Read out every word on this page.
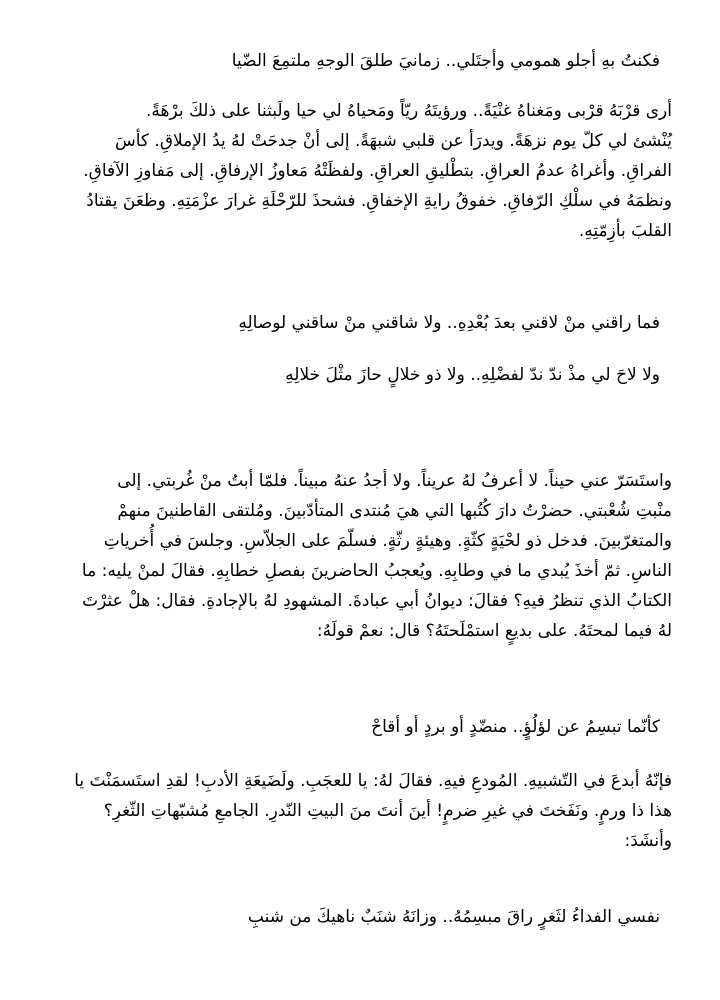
فكنتُ بهِ أجلو همومي وأجتَلي.. زمانيَ طلقَ الوجهِ ملتمِعَ الضّيا

أرى قرْبَهُ قرْبى ومَغناهُ غنْيَةً.. ورؤيتَهُ ريّاً ومَحياهُ لي حيا ولَبثنا على ذلكَ برْهَةً.
يُنْشئ لي كلّ يوم نزهَةً. ويدرَأ عن قلبي شبهَةً. إلى أنْ جدحَتْ لهُ يدُ الإملاقِ. كأسَ
الفراقِ. وأغراهُ عدمُ العراقِ. بتطْليقِ العراقِ. ولفظَتْهُ مَعاوزُ الإرفاقِ. إلى مَفاوزِ الآفاقِ.
ونظمَهُ في سلْكِ الرّفاقِ. خفوقُ رايةِ الإخفاقِ. فشحذَ للرّحْلَةِ غرارَ عزْمَتِهِ. وظعَنَ يقتادُ
القلبَ بأزِمّتِهِ.

فما راقني منْ لاقني بعدَ بُعْدِهِ.. ولا شاقني منْ ساقني لوصالِهِ

ولا لاحَ لي مذْ ندّ ندّ لفضْلِهِ.. ولا ذو خلالٍ حازَ مثْلَ خلالِهِ

واستَسَرّ عني حيناً. لا أعرفُ لهُ عريناً. ولا أجدُ عنهُ مبيناً. فلمّا أبتُ منْ غُربتي. إلى
منْبتِ شُعْبتي. حضرْتُ دارَ كُتُبها التي هيَ مُنتدى المتأدّبينَ. ومُلتقى القاطنينَ منهمْ
والمتغرّبينَ. فدخل ذو لحْيَةٍ كثّةٍ. وهيئةٍ رثّةٍ. فسلّمَ على الجلاّسِ. وجلسَ في أُخرياتِ
الناسِ. ثمّ أخذَ يُبدي ما في وطابِهِ. ويُعجبُ الحاضرينَ بفصلِ خطابِهِ. فقالَ لمنْ يليه: ما
الكتابُ الذي تنظرُ فيهِ؟ فقالَ: ديوانُ أبي عبادةَ. المشهودِ لهُ بالإجادةِ. فقال: هلْ عثرْتَ
لهُ فيما لمحتَهُ. على بديعٍ استمْلَحتَهُ؟ قال: نعمْ قولَهُ:

كأنّما تبسِمُ عن لؤلُؤٍ.. منضّدٍ أو بردٍ أو أقاحْ

فإنّهُ أبدعَ في التّشبيهِ. المُودعِ فيهِ. فقالَ لهُ: يا للعجَبِ. ولَضَيعَةِ الأدبِ! لقدِ استَسمَنْتَ يا
هذا ذا ورمٍ. ونَفَختَ في غيرِ ضرمٍ! أينَ أنتَ منَ البيتِ النّدرِ. الجامعِ مُشبّهاتِ الثّغرِ؟
وأنشَدَ:

نفسي الفداءُ لثَغرٍ راقَ مبسِمُهُ.. وزانَهُ شنَبٌ ناهيكَ من شنبِ
